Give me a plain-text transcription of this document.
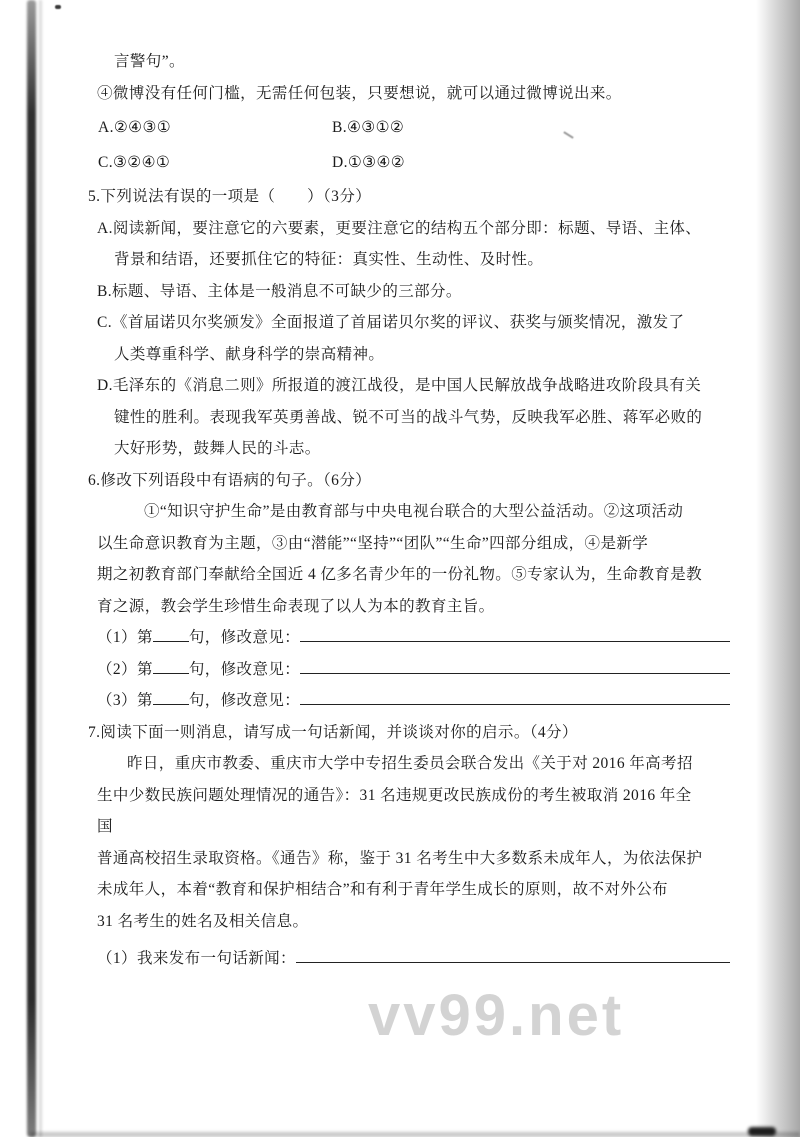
言警句”。
④微博没有任何门槛，无需任何包装，只要想说，就可以通过微博说出来。
A.②④③①	B.④③①②
C.③②④①	D.①③④②
5.下列说法有误的一项是（　　）（3分）
A.阅读新闻，要注意它的六要素，更要注意它的结构五个部分即：标题、导语、主体、
背景和结语，还要抓住它的特征：真实性、生动性、及时性。
B.标题、导语、主体是一般消息不可缺少的三部分。
C.《首届诺贝尔奖颁发》全面报道了首届诺贝尔奖的评议、获奖与颁奖情况，激发了
人类尊重科学、献身科学的崇高精神。
D.毛泽东的《消息二则》所报道的渡江战役，是中国人民解放战争战略进攻阶段具有关
键性的胜利。表现我军英勇善战、锐不可当的战斗气势，反映我军必胜、蒋军必败的
大好形势，鼓舞人民的斗志。
6.修改下列语段中有语病的句子。（6分）
①“知识守护生命”是由教育部与中央电视台联合的大型公益活动。②这项活动
以生命意识教育为主题，③由“潜能”“坚持”“团队”“生命”四部分组成，④是新学
期之初教育部门奉献给全国近 4 亿多名青少年的一份礼物。⑤专家认为，生命教育是教
育之源，教会学生珍惜生命表现了以人为本的教育主旨。
（1）第 句，修改意见：
（2）第 句，修改意见：
（3）第 句，修改意见：
7.阅读下面一则消息，请写成一句话新闻，并谈谈对你的启示。（4分）
昨日，重庆市教委、重庆市大学中专招生委员会联合发出《关于对 2016 年高考招
生中少数民族问题处理情况的通告》：31 名违规更改民族成份的考生被取消 2016 年全
国
普通高校招生录取资格。《通告》称，鉴于 31 名考生中大多数系未成年人，为依法保护
未成年人，本着“教育和保护相结合”和有利于青年学生成长的原则，故不对外公布
31 名考生的姓名及相关信息。
（1）我来发布一句话新闻：
vv99.net
